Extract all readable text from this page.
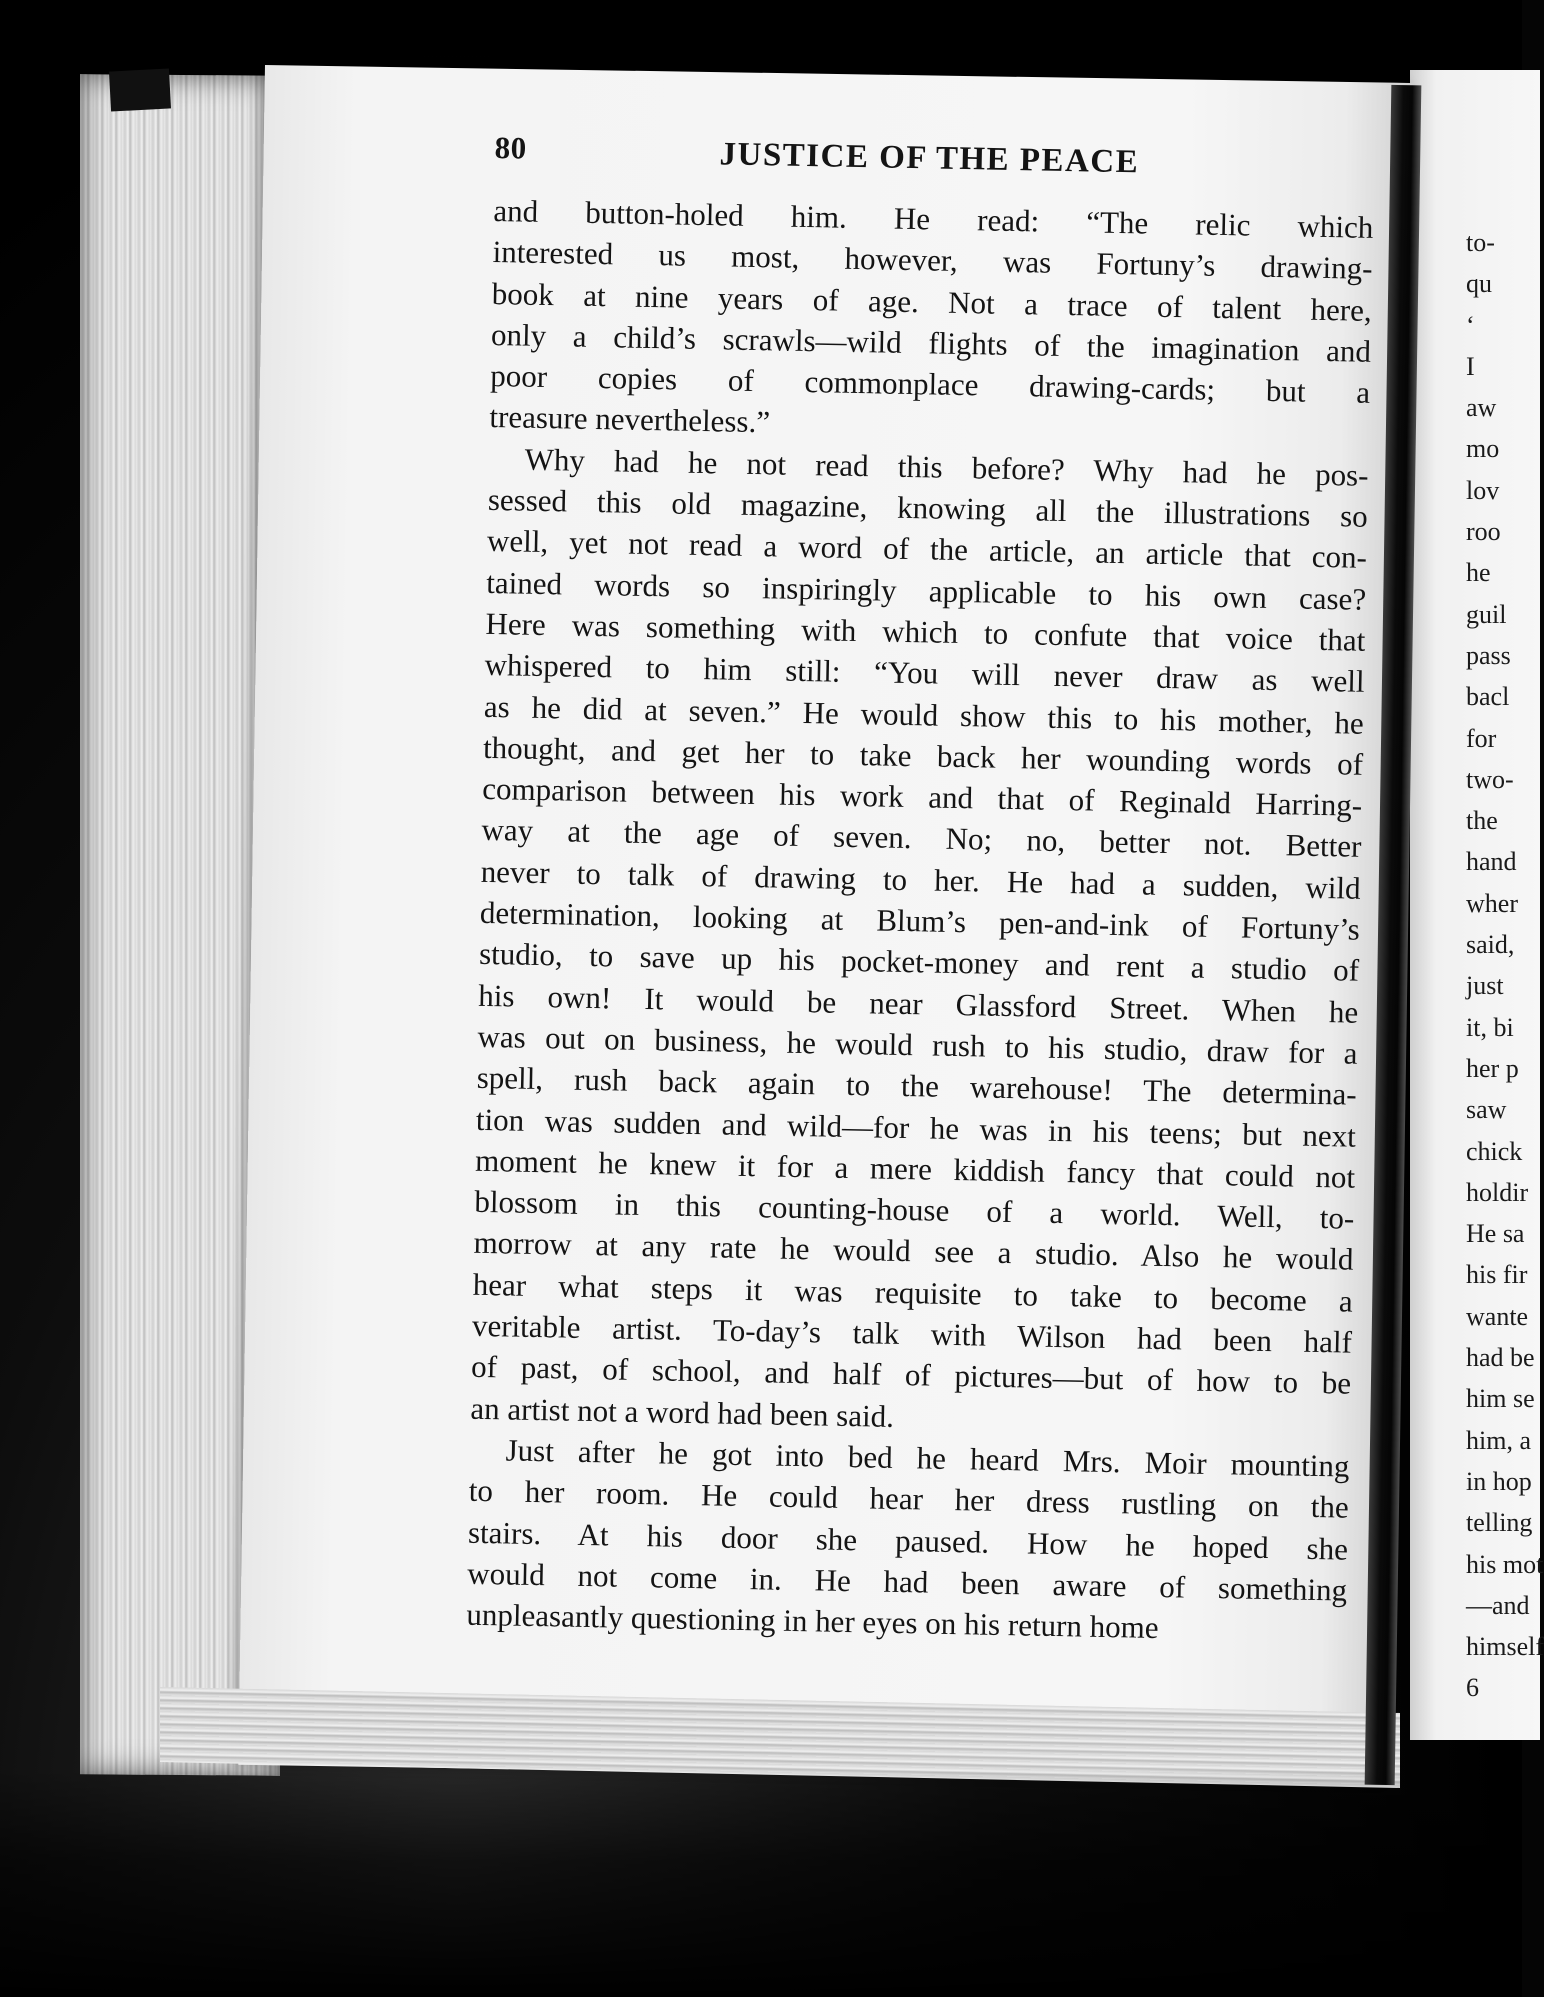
to-
qu
‘
I
aw
mo
lov
roo
he
guil
pass
bacl
for
two-
the
hand
wher
said,
just
it, bi
her p
saw
chick
holdir
He sa
his fir
wante
had be
him se
him, a
in hop
telling
his mot
—and
himself
6
80	JUSTICE OF THE PEACE
and button-holed him. He read: “The relic which
interested us most, however, was Fortuny’s drawing-
book at nine years of age. Not a trace of talent here,
only a child’s scrawls—wild flights of the imagination and
poor copies of commonplace drawing-cards; but a
treasure nevertheless.”
Why had he not read this before? Why had he pos-
sessed this old magazine, knowing all the illustrations so
well, yet not read a word of the article, an article that con-
tained words so inspiringly applicable to his own case?
Here was something with which to confute that voice that
whispered to him still: “You will never draw as well
as he did at seven.” He would show this to his mother, he
thought, and get her to take back her wounding words of
comparison between his work and that of Reginald Harring-
way at the age of seven. No; no, better not. Better
never to talk of drawing to her. He had a sudden, wild
determination, looking at Blum’s pen-and-ink of Fortuny’s
studio, to save up his pocket-money and rent a studio of
his own! It would be near Glassford Street. When he
was out on business, he would rush to his studio, draw for a
spell, rush back again to the warehouse! The determina-
tion was sudden and wild—for he was in his teens; but next
moment he knew it for a mere kiddish fancy that could not
blossom in this counting-house of a world. Well, to-
morrow at any rate he would see a studio. Also he would
hear what steps it was requisite to take to become a
veritable artist. To-day’s talk with Wilson had been half
of past, of school, and half of pictures—but of how to be
an artist not a word had been said.
Just after he got into bed he heard Mrs. Moir mounting
to her room. He could hear her dress rustling on the
stairs. At his door she paused. How he hoped she
would not come in. He had been aware of something
unpleasantly questioning in her eyes on his return home
